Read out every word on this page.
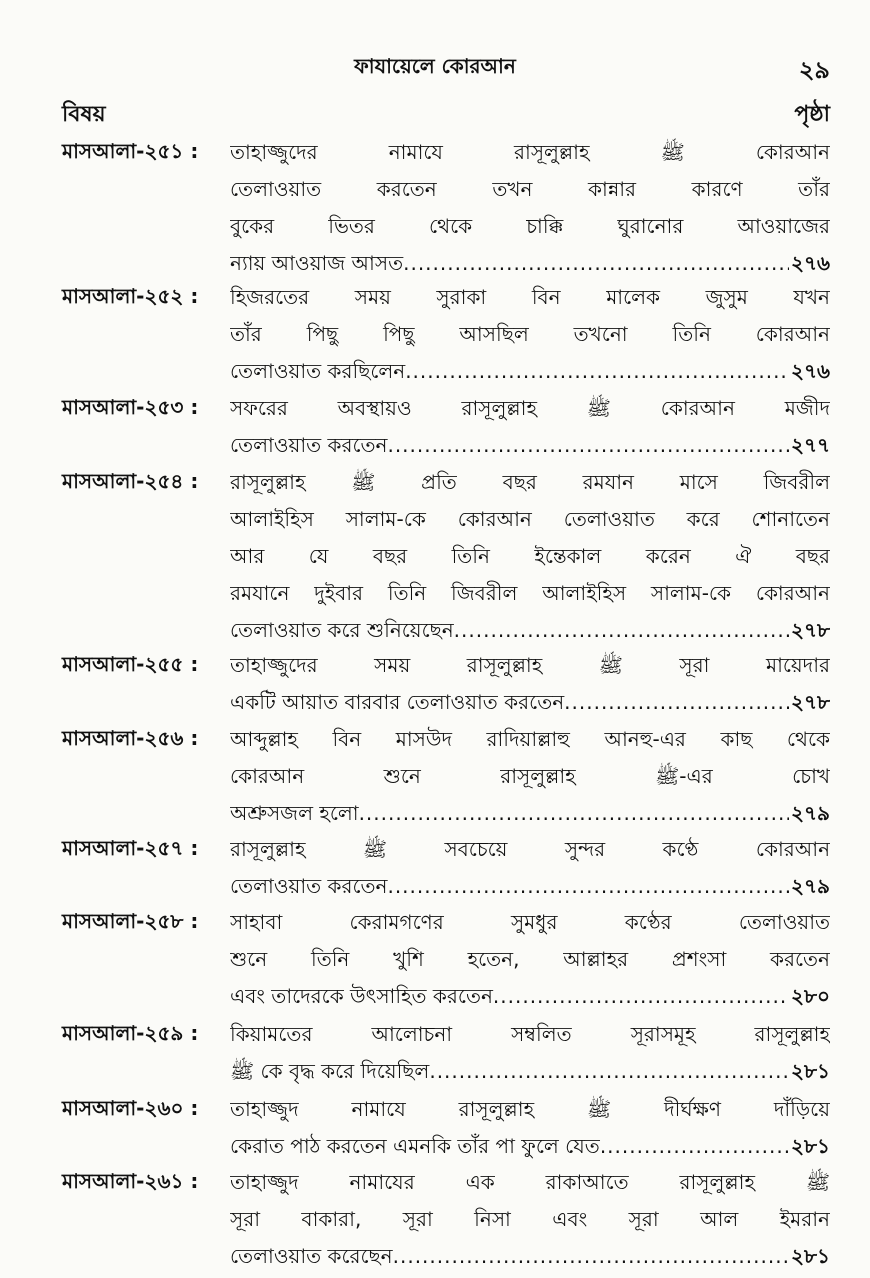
ফাযায়েলে কোরআন	২৯
বিষয়	পৃষ্ঠা
মাসআলা-২৫১ :	তাহাজ্জুদের নামাযে রাসূলুল্লাহ ﷺ কোরআন
তেলাওয়াত করতেন তখন কান্নার কারণে তাঁর
বুকের ভিতর থেকে চাক্কি ঘুরানোর আওয়াজের
ন্যায় আওয়াজ আসত .....	২৭৬
মাসআলা-২৫২ :	হিজরতের সময় সুরাকা বিন মালেক জুসুম যখন
তাঁর পিছু পিছু আসছিল তখনো তিনি কোরআন
তেলাওয়াত করছিলেন .....	২৭৬
মাসআলা-২৫৩ :	সফরের অবস্থায়ও রাসূলুল্লাহ ﷺ কোরআন মজীদ
তেলাওয়াত করতেন .....	২৭৭
মাসআলা-২৫৪ :	রাসূলুল্লাহ ﷺ প্রতি বছর রমযান মাসে জিবরীল
আলাইহিস সালাম-কে কোরআন তেলাওয়াত করে শোনাতেন
আর যে বছর তিনি ইন্তেকাল করেন ঐ বছর
রমযানে দুইবার তিনি জিবরীল আলাইহিস সালাম-কে কোরআন
তেলাওয়াত করে শুনিয়েছেন .....	২৭৮
মাসআলা-২৫৫ :	তাহাজ্জুদের সময় রাসূলুল্লাহ ﷺ সূরা মায়েদার
একটি আয়াত বারবার তেলাওয়াত করতেন .....	২৭৮
মাসআলা-২৫৬ :	আব্দুল্লাহ বিন মাসউদ রাদিয়াল্লাহু আনহু-এর কাছ থেকে
কোরআন শুনে রাসূলুল্লাহ ﷺ-এর চোখ
অশ্রুসজল হলো .....	২৭৯
মাসআলা-২৫৭ :	রাসূলুল্লাহ ﷺ সবচেয়ে সুন্দর কণ্ঠে কোরআন
তেলাওয়াত করতেন .....	২৭৯
মাসআলা-২৫৮ :	সাহাবা কেরামগণের সুমধুর কণ্ঠের তেলাওয়াত
শুনে তিনি খুশি হতেন, আল্লাহর প্রশংসা করতেন
এবং তাদেরকে উৎসাহিত করতেন .....	২৮০
মাসআলা-২৫৯ :	কিয়ামতের আলোচনা সম্বলিত সূরাসমূহ রাসূলুল্লাহ
ﷺ কে বৃদ্ধ করে দিয়েছিল .....	২৮১
মাসআলা-২৬০ :	তাহাজ্জুদ নামাযে রাসূলুল্লাহ ﷺ দীর্ঘক্ষণ দাঁড়িয়ে
কেরাত পাঠ করতেন এমনকি তাঁর পা ফুলে যেত .....	২৮১
মাসআলা-২৬১ :	তাহাজ্জুদ নামাযের এক রাকাআতে রাসূলুল্লাহ ﷺ
সূরা বাকারা, সূরা নিসা এবং সূরা আল ইমরান
তেলাওয়াত করেছেন .....	২৮১
